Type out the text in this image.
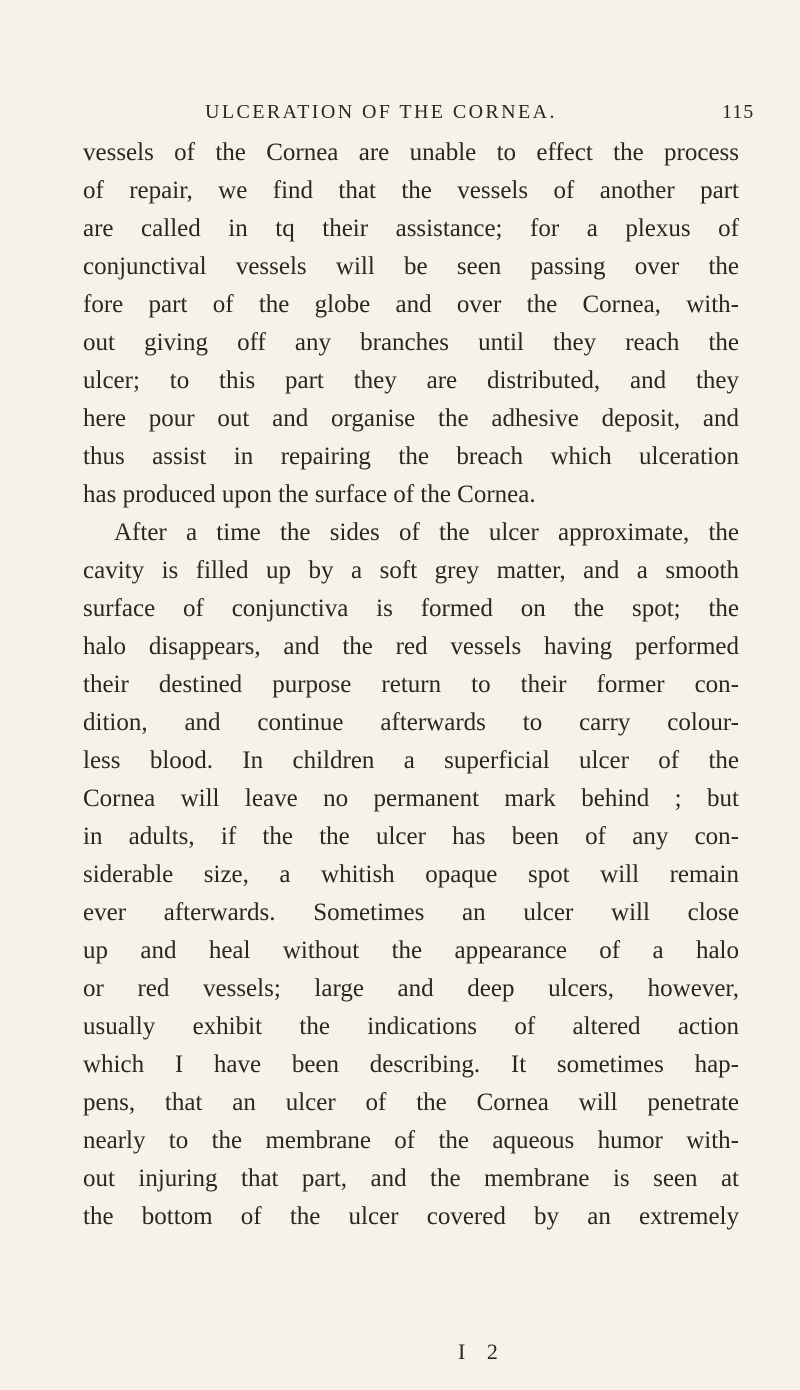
ULCERATION OF THE CORNEA.	115
vessels of the Cornea are unable to effect the process
of repair, we find that the vessels of another part
are called in tq their assistance; for a plexus of
conjunctival vessels will be seen passing over the
fore part of the globe and over the Cornea, with-
out giving off any branches until they reach the
ulcer; to this part they are distributed, and they
here pour out and organise the adhesive deposit, and
thus assist in repairing the breach which ulceration
has produced upon the surface of the Cornea.
After a time the sides of the ulcer approximate, the
cavity is filled up by a soft grey matter, and a smooth
surface of conjunctiva is formed on the spot; the
halo disappears, and the red vessels having performed
their destined purpose return to their former con-
dition, and continue afterwards to carry colour-
less blood. In children a superficial ulcer of the
Cornea will leave no permanent mark behind ; but
in adults, if the the ulcer has been of any con-
siderable size, a whitish opaque spot will remain
ever afterwards. Sometimes an ulcer will close
up and heal without the appearance of a halo
or red vessels; large and deep ulcers, however,
usually exhibit the indications of altered action
which I have been describing. It sometimes hap-
pens, that an ulcer of the Cornea will penetrate
nearly to the membrane of the aqueous humor with-
out injuring that part, and the membrane is seen at
the bottom of the ulcer covered by an extremely
I 2
